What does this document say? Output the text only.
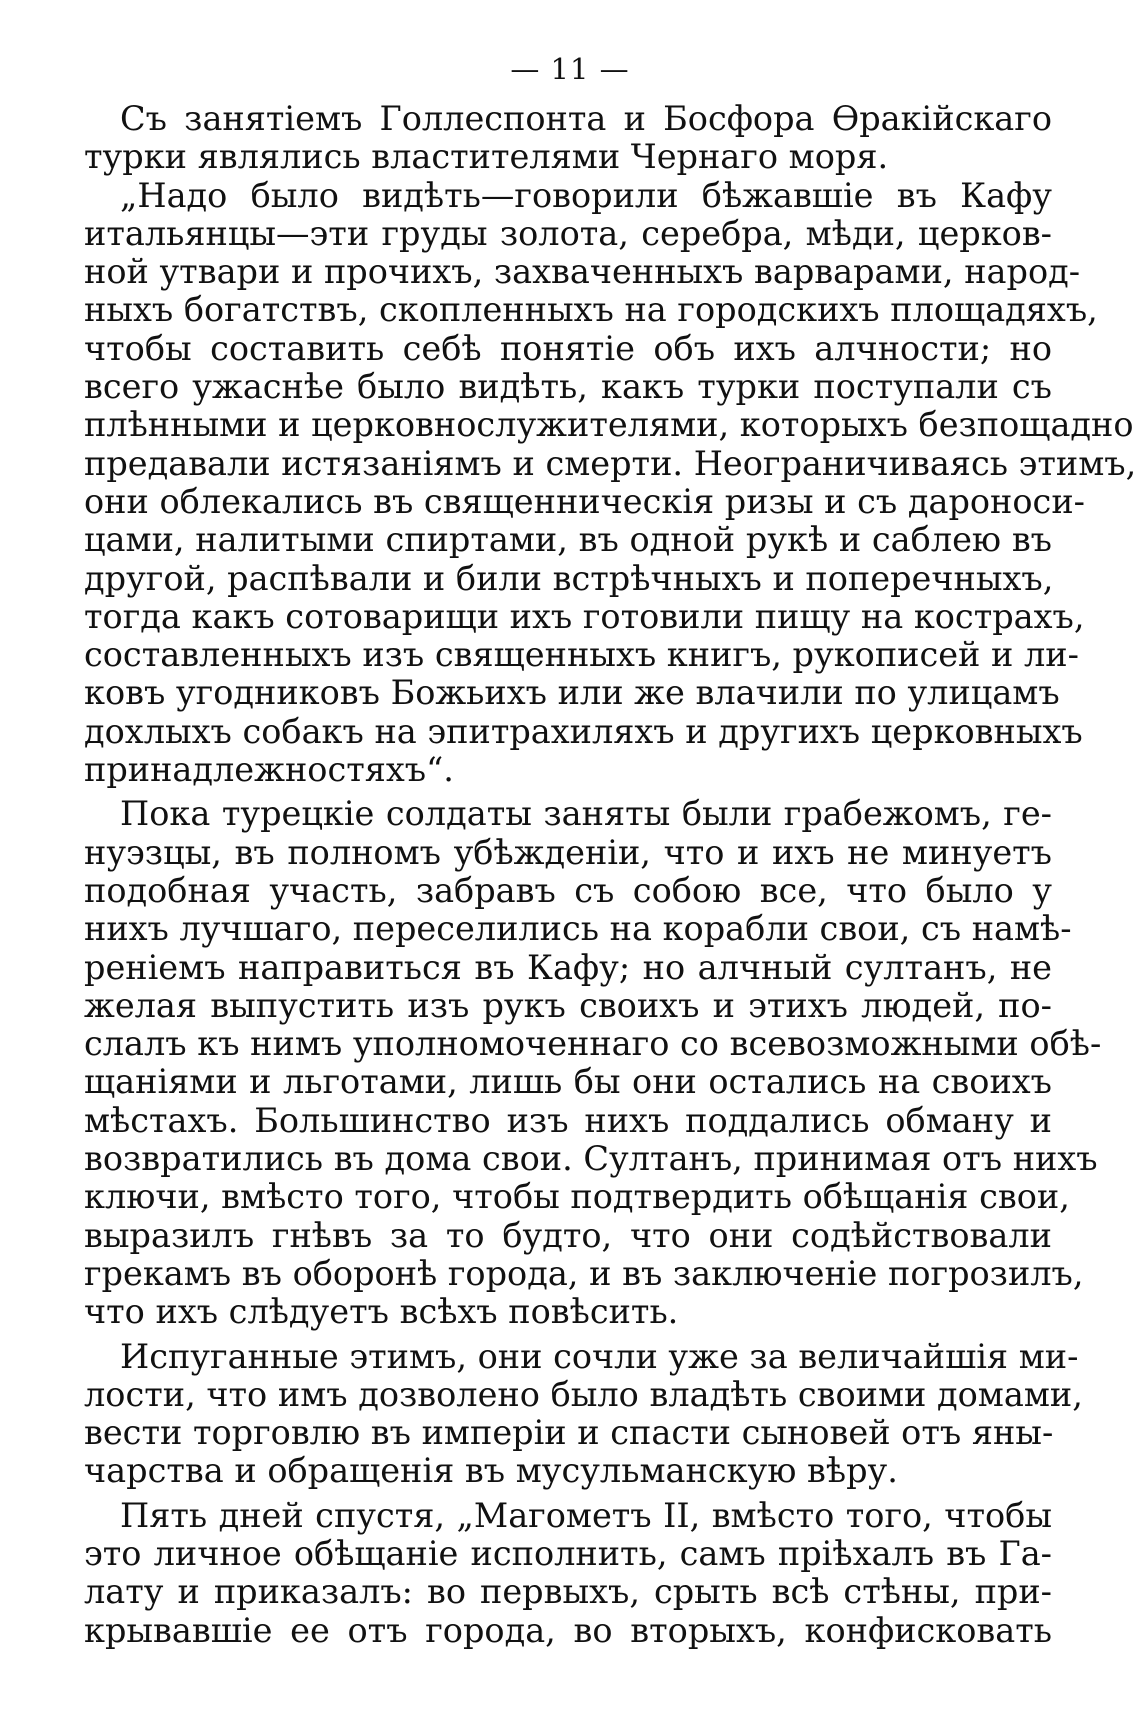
— 11 —
Съ занятіемъ Голлеспонта и Босфора Ѳракійскаго
турки являлись властителями Чернаго моря.
„Надо было видѣть—говорили бѣжавшіе въ Кафу
итальянцы—эти груды золота, серебра, мѣди, церков-
ной утвари и прочихъ, захваченныхъ варварами, народ-
ныхъ богатствъ, скопленныхъ на городскихъ площадяхъ,
чтобы составить себѣ понятіе объ ихъ алчности; но
всего ужаснѣе было видѣть, какъ турки поступали съ
плѣнными и церковнослужителями, которыхъ безпощадно
предавали истязаніямъ и смерти. Неограничиваясь этимъ,
они облекались въ священническія ризы и съ дароноси-
цами, налитыми спиртами, въ одной рукѣ и саблею въ
другой, распѣвали и били встрѣчныхъ и поперечныхъ,
тогда какъ сотоварищи ихъ готовили пищу на кострахъ,
составленныхъ изъ священныхъ книгъ, рукописей и ли-
ковъ угодниковъ Божьихъ или же влачили по улицамъ
дохлыхъ собакъ на эпитрахиляхъ и другихъ церковныхъ
принадлежностяхъ“.
Пока турецкіе солдаты заняты были грабежомъ, ге-
нуэзцы, въ полномъ убѣжденіи, что и ихъ не минуетъ
подобная участь, забравъ съ собою все, что было у
нихъ лучшаго, переселились на корабли свои, съ намѣ-
реніемъ направиться въ Кафу; но алчный султанъ, не
желая выпустить изъ рукъ своихъ и этихъ людей, по-
слалъ къ нимъ уполномоченнаго со всевозможными обѣ-
щаніями и льготами, лишь бы они остались на своихъ
мѣстахъ. Большинство изъ нихъ поддались обману и
возвратились въ дома свои. Султанъ, принимая отъ нихъ
ключи, вмѣсто того, чтобы подтвердить обѣщанія свои,
выразилъ гнѣвъ за то будто, что они содѣйствовали
грекамъ въ оборонѣ города, и въ заключеніе погрозилъ,
что ихъ слѣдуетъ всѣхъ повѣсить.
Испуганные этимъ, они сочли уже за величайшія ми-
лости, что имъ дозволено было владѣть своими домами,
вести торговлю въ имперіи и спасти сыновей отъ яны-
чарства и обращенія въ мусульманскую вѣру.
Пять дней спустя, „Магометъ II, вмѣсто того, чтобы
это личное обѣщаніе исполнить, самъ пріѣхалъ въ Га-
лату и приказалъ: во первыхъ, срыть всѣ стѣны, при-
крывавшіе ее отъ города, во вторыхъ, конфисковать
